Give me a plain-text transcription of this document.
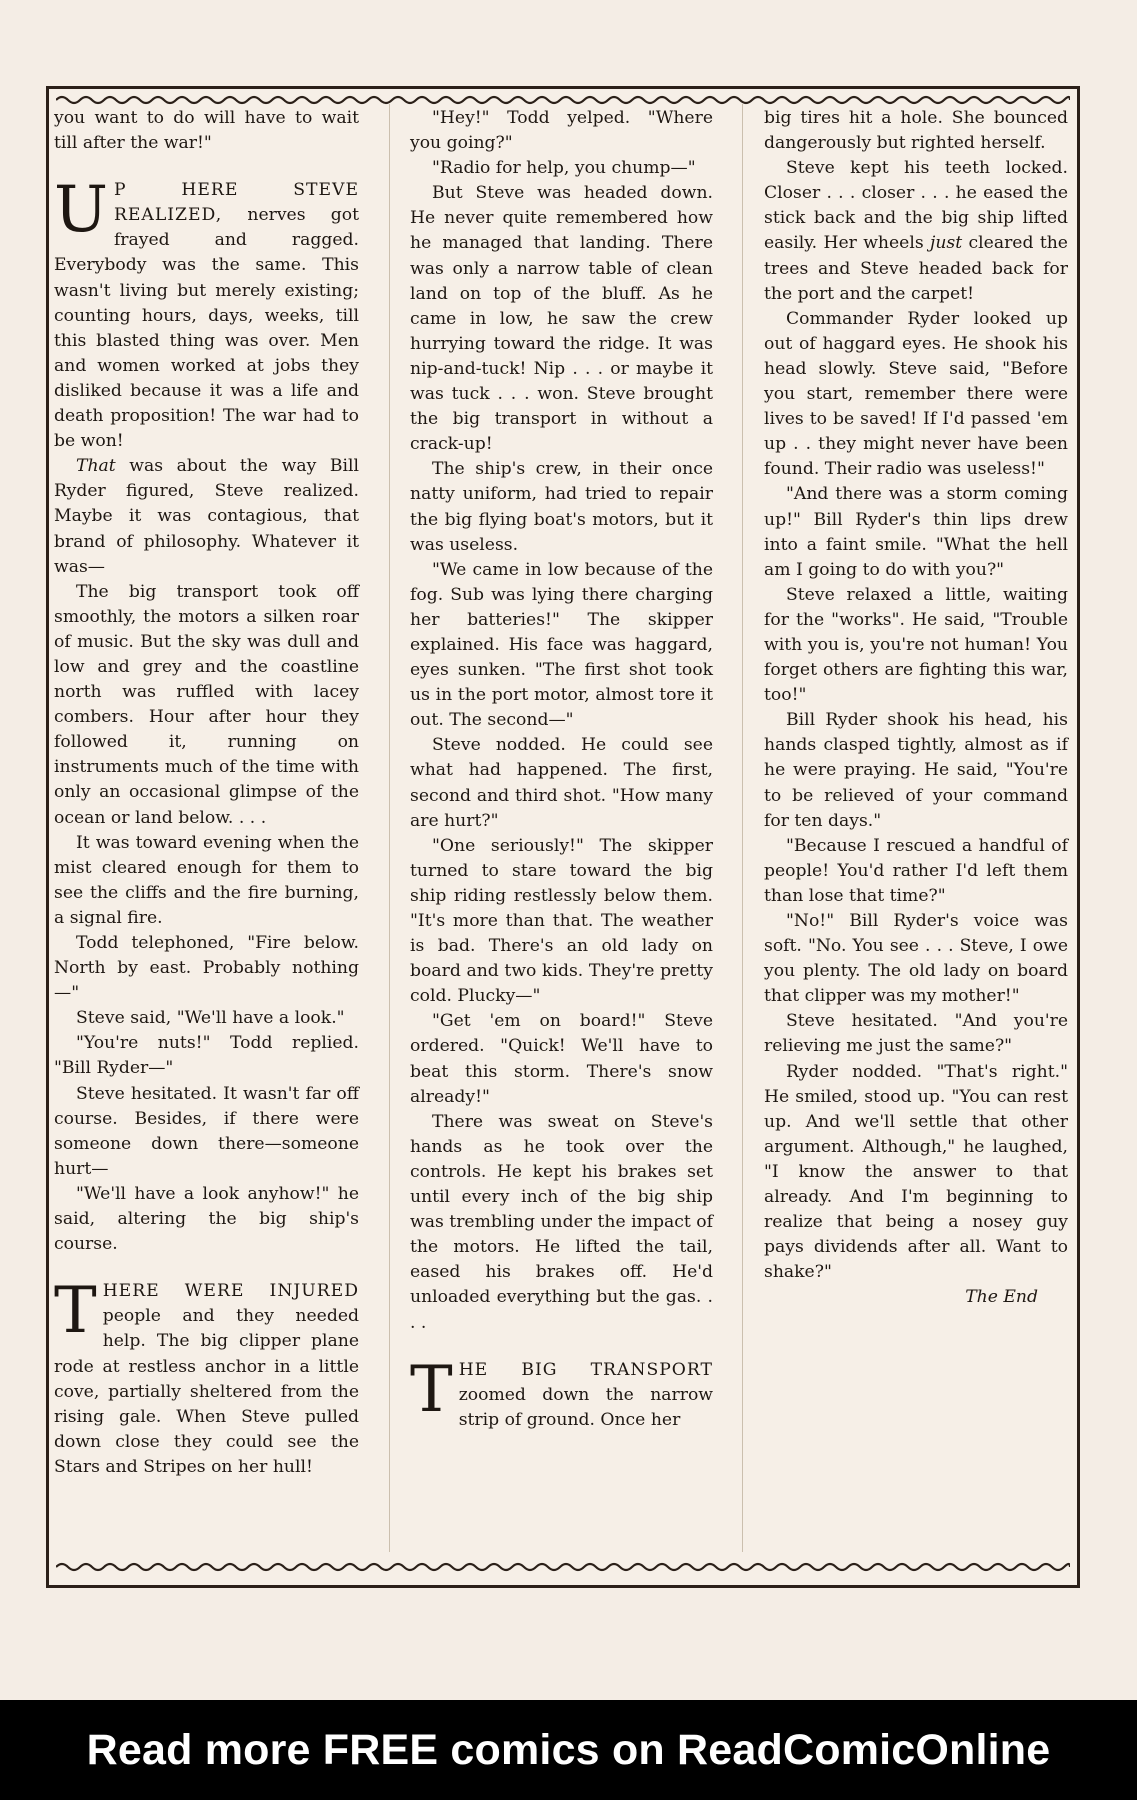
you want to do will have to wait till after the war!"

U P HERE STEVE REALIZED, nerves got frayed and ragged. Everybody was the same. This wasn't living but merely existing; counting hours, days, weeks, till this blasted thing was over. Men and women worked at jobs they disliked because it was a life and death proposition! The war had to be won!

That was about the way Bill Ryder figured, Steve realized. Maybe it was contagious, that brand of philosophy. Whatever it was—

The big transport took off smoothly, the motors a silken roar of music. But the sky was dull and low and grey and the coastline north was ruffled with lacey combers. Hour after hour they followed it, running on instruments much of the time with only an occasional glimpse of the ocean or land below. . . .

It was toward evening when the mist cleared enough for them to see the cliffs and the fire burning, a signal fire.

Todd telephoned, "Fire below. North by east. Probably nothing—"

Steve said, "We'll have a look."

"You're nuts!" Todd replied. "Bill Ryder—"

Steve hesitated. It wasn't far off course. Besides, if there were someone down there—someone hurt—

"We'll have a look anyhow!" he said, altering the big ship's course.

THERE WERE INJURED people and they needed help. The big clipper plane rode at restless anchor in a little cove, partially sheltered from the rising gale. When Steve pulled down close they could see the Stars and Stripes on her hull!

"Hey!" Todd yelped. "Where you going?"

"Radio for help, you chump—"

But Steve was headed down. He never quite remembered how he managed that landing. There was only a narrow table of clean land on top of the bluff. As he came in low, he saw the crew hurrying toward the ridge. It was nip-and-tuck! Nip . . . or maybe it was tuck . . . won. Steve brought the big transport in without a crack-up!

The ship's crew, in their once natty uniform, had tried to repair the big flying boat's motors, but it was useless.

"We came in low because of the fog. Sub was lying there charging her batteries!" The skipper explained. His face was haggard, eyes sunken. "The first shot took us in the port motor, almost tore it out. The second—"

Steve nodded. He could see what had happened. The first, second and third shot. "How many are hurt?"

"One seriously!" The skipper turned to stare toward the big ship riding restlessly below them. "It's more than that. The weather is bad. There's an old lady on board and two kids. They're pretty cold. Plucky—"

"Get 'em on board!" Steve ordered. "Quick! We'll have to beat this storm. There's snow already!"

There was sweat on Steve's hands as he took over the controls. He kept his brakes set until every inch of the big ship was trembling under the impact of the motors. He lifted the tail, eased his brakes off. He'd unloaded everything but the gas. . . .

THE BIG TRANSPORT zoomed down the narrow strip of ground. Once her

big tires hit a hole. She bounced dangerously but righted herself.

Steve kept his teeth locked. Closer . . . closer . . . he eased the stick back and the big ship lifted easily. Her wheels just cleared the trees and Steve headed back for the port and the carpet!

Commander Ryder looked up out of haggard eyes. He shook his head slowly. Steve said, "Before you start, remember there were lives to be saved! If I'd passed 'em up . . they might never have been found. Their radio was useless!"

"And there was a storm coming up!" Bill Ryder's thin lips drew into a faint smile. "What the hell am I going to do with you?"

Steve relaxed a little, waiting for the "works". He said, "Trouble with you is, you're not human! You forget others are fighting this war, too!"

Bill Ryder shook his head, his hands clasped tightly, almost as if he were praying. He said, "You're to be relieved of your command for ten days."

"Because I rescued a handful of people! You'd rather I'd left them than lose that time?"

"No!" Bill Ryder's voice was soft. "No. You see . . . Steve, I owe you plenty. The old lady on board that clipper was my mother!"

Steve hesitated. "And you're relieving me just the same?"

Ryder nodded. "That's right." He smiled, stood up. "You can rest up. And we'll settle that other argument. Although," he laughed, "I know the answer to that already. And I'm beginning to realize that being a nosey guy pays dividends after all. Want to shake?"

The End

Read more FREE comics on ReadComicOnline
